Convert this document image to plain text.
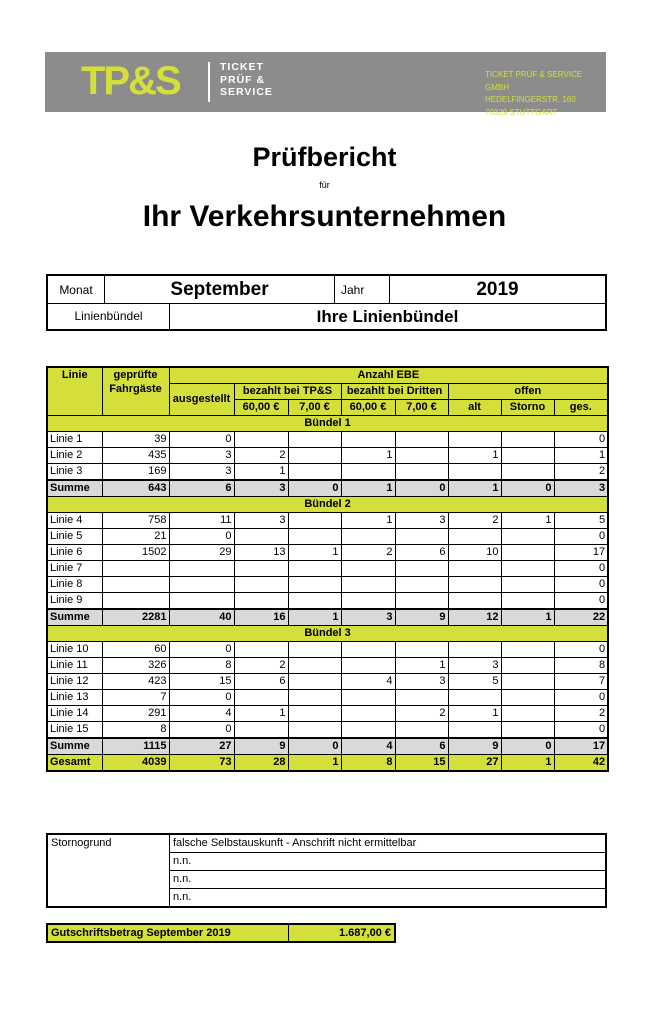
TP&S	TICKET
PRÜF &
SERVICE
TICKET PRÜF & SERVICE GMBH
HEDELFINGERSTR. 160
70329 STUTTGART
Prüfbericht
für
Ihr Verkehrsunternehmen
Monat	September	Jahr	2019
Linienbündel	Ihre Linienbündel
Linie	geprüfte Fahrgäste	Anzahl EBE							
		ausgestellt	bezahlt bei TP&S		bezahlt bei Dritten		offen		
			60,00 €	7,00 €	60,00 €	7,00 €	alt	Storno	ges.
Bündel 1									
Linie 1	39	0							0
Linie 2	435	3	2		1		1		1
Linie 3	169	3	1						2
Summe	643	6	3	0	1	0	1	0	3
Bündel 2									
Linie 4	758	11	3		1	3	2	1	5
Linie 5	21	0							0
Linie 6	1502	29	13	1	2	6	10		17
Linie 7									0
Linie 8									0
Linie 9									0
Summe	2281	40	16	1	3	9	12	1	22
Bündel 3									
Linie 10	60	0							0
Linie 11	326	8	2			1	3		8
Linie 12	423	15	6		4	3	5		7
Linie 13	7	0							0
Linie 14	291	4	1			2	1		2
Linie 15	8	0							0
Summe	1115	27	9	0	4	6	9	0	17
Gesamt	4039	73	28	1	8	15	27	1	42
Stornogrund	falsche Selbstauskunft - Anschrift nicht ermittelbar
n.n.
n.n.
n.n.
Gutschriftsbetrag September 2019	1.687,00 €
